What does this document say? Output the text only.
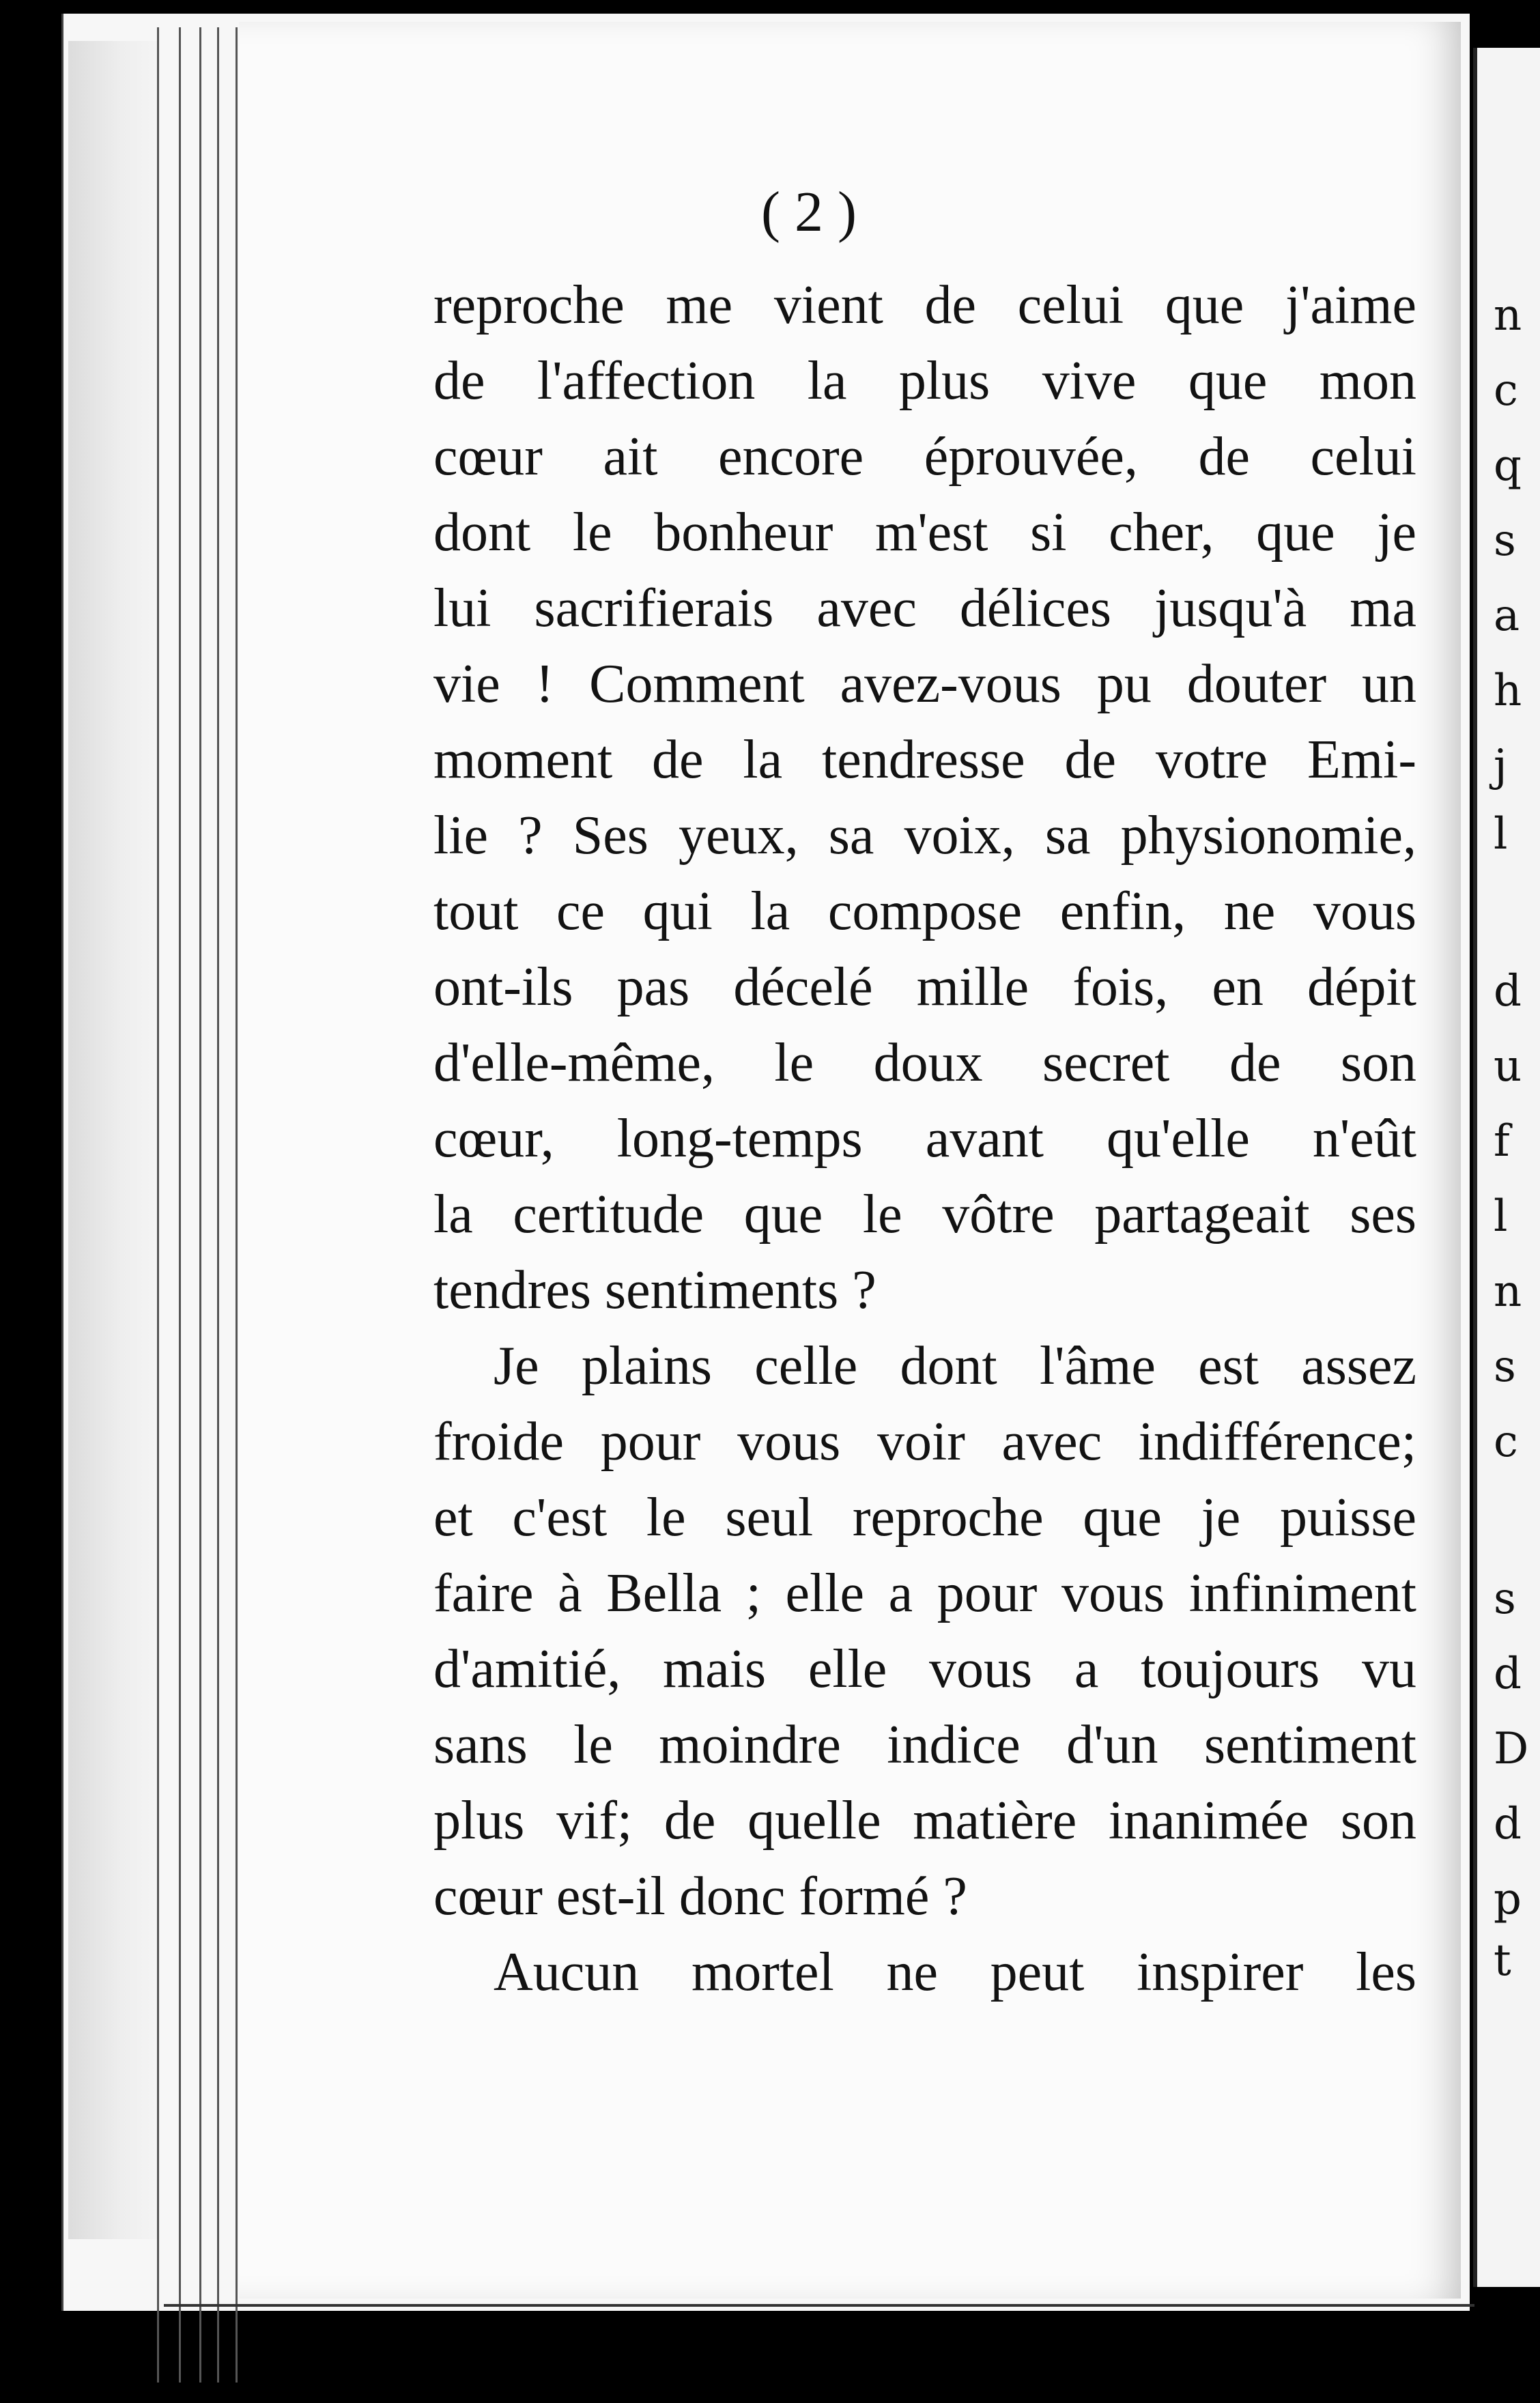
( 2 )
reproche me vient de celui que j'aime
de l'affection la plus vive que mon
cœur ait encore éprouvée, de celui
dont le bonheur m'est si cher, que je
lui sacrifierais avec délices jusqu'à ma
vie ! Comment avez-vous pu douter un
moment de la tendresse de votre Emi-
lie ? Ses yeux, sa voix, sa physionomie,
tout ce qui la compose enfin, ne vous
ont-ils pas décelé mille fois, en dépit
d'elle-même, le doux secret de son
cœur, long-temps avant qu'elle n'eût
la certitude que le vôtre partageait ses
tendres sentiments ?
Je plains celle dont l'âme est assez
froide pour vous voir avec indifférence;
et c'est le seul reproche que je puisse
faire à Bella ; elle a pour vous infiniment
d'amitié, mais elle vous a toujours vu
sans le moindre indice d'un sentiment
plus vif; de quelle matière inanimée son
cœur est-il donc formé ?
Aucun mortel ne peut inspirer les
n
c
q
s
a
h
j
l
d
u
f
l
n
s
c
s
d
D
d
p
t
